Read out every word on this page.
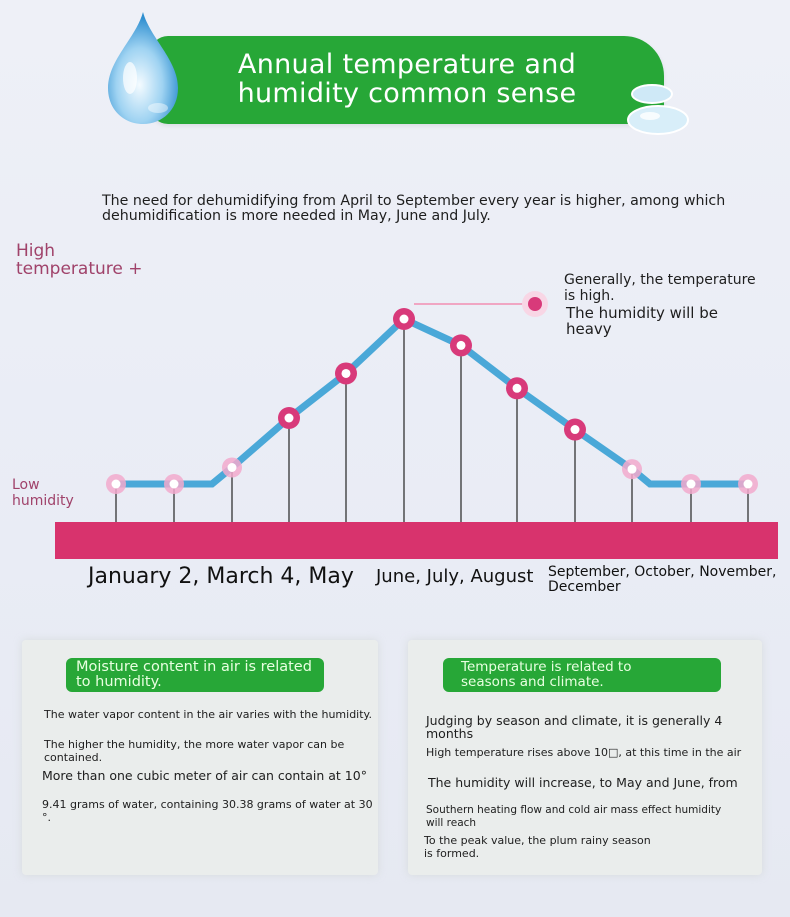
Annual temperature and
humidity common sense
The need for dehumidifying from April to September every year is higher, among which dehumidification is more needed in May, June and July.
High
temperature +
Low
humidity
Generally, the temperature
is high.
The humidity will be
heavy
January 2, March 4, May June, July, August September, October, November,
December
Moisture content in air is related
to humidity.
The water vapor content in the air varies with the humidity.
The higher the humidity, the more water vapor can be
contained.
More than one cubic meter of air can contain at 10°
9.41 grams of water, containing 30.38 grams of water at 30
°.
Temperature is related to
seasons and climate.
Judging by season and climate, it is generally 4
months
High temperature rises above 10□, at this time in the air
The humidity will increase, to May and June, from
Southern heating flow and cold air mass effect humidity
will reach
To the peak value, the plum rainy season
is formed.
